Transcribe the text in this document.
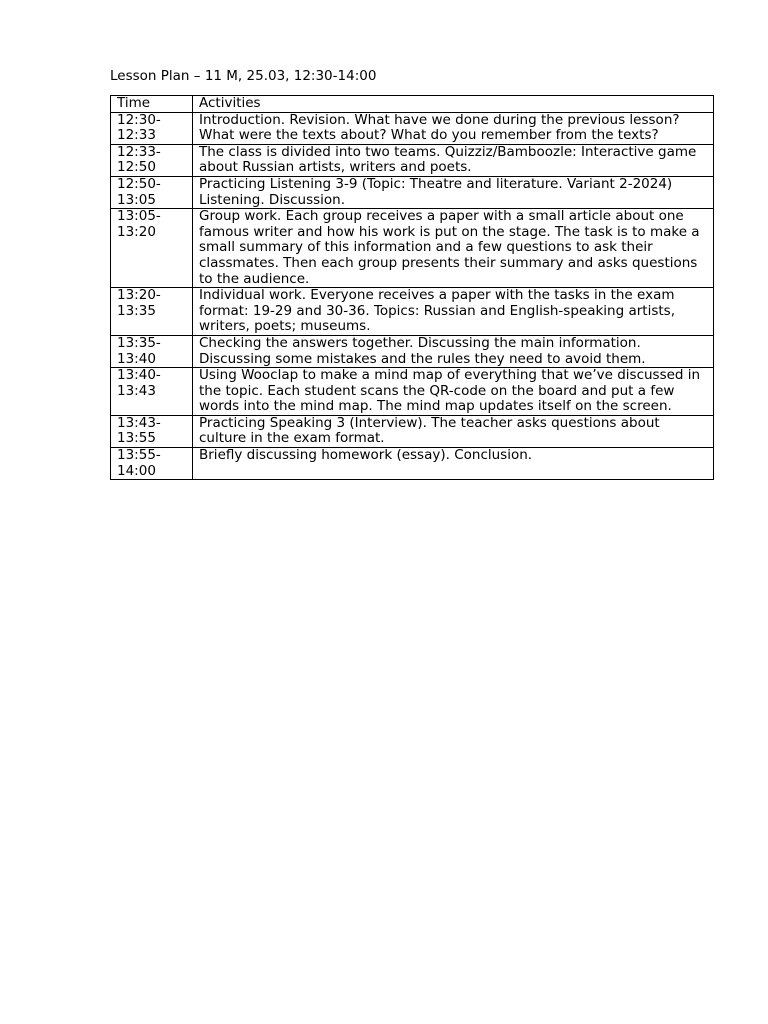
Lesson Plan – 11 M, 25.03, 12:30-14:00
Time	Activities
12:30-
12:33	Introduction. Revision. What have we done during the previous lesson? What were the texts about? What do you remember from the texts?
12:33-
12:50	The class is divided into two teams. Quizziz/Bamboozle: Interactive game about Russian artists, writers and poets.
12:50-
13:05	Practicing Listening 3-9 (Topic: Theatre and literature. Variant 2-2024) Listening. Discussion.
13:05-
13:20	Group work. Each group receives a paper with a small article about one famous writer and how his work is put on the stage. The task is to make a small summary of this information and a few questions to ask their classmates. Then each group presents their summary and asks questions to the audience.
13:20-
13:35	Individual work. Everyone receives a paper with the tasks in the exam format: 19-29 and 30-36. Topics: Russian and English-speaking artists, writers, poets; museums.
13:35-
13:40	Checking the answers together. Discussing the main information. Discussing some mistakes and the rules they need to avoid them.
13:40-
13:43	Using Wooclap to make a mind map of everything that we’ve discussed in the topic. Each student scans the QR-code on the board and put a few words into the mind map. The mind map updates itself on the screen.
13:43-
13:55	Practicing Speaking 3 (Interview). The teacher asks questions about culture in the exam format.
13:55-
14:00	Briefly discussing homework (essay). Conclusion.
